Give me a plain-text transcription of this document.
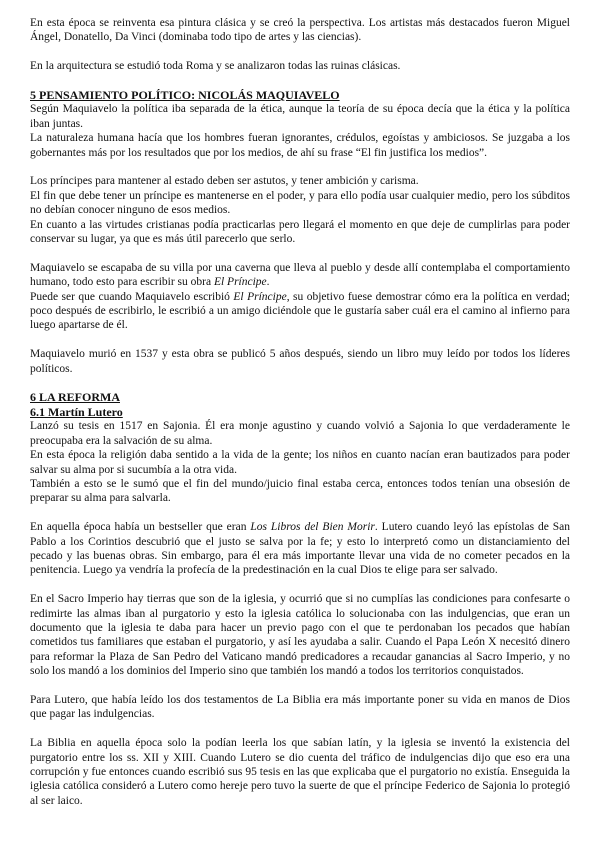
En esta época se reinventa esa pintura clásica y se creó la perspectiva. Los artistas más destacados fueron Miguel Ángel, Donatello, Da Vinci (dominaba todo tipo de artes y las ciencias).

En la arquitectura se estudió toda Roma y se analizaron todas las ruinas clásicas.

5 PENSAMIENTO POLÍTICO: NICOLÁS MAQUIAVELO

Según Maquiavelo la política iba separada de la ética, aunque la teoría de su época decía que la ética y la política iban juntas.

La naturaleza humana hacía que los hombres fueran ignorantes, crédulos, egoístas y ambiciosos. Se juzgaba a los gobernantes más por los resultados que por los medios, de ahí su frase “El fin justifica los medios”.

Los príncipes para mantener al estado deben ser astutos, y tener ambición y carisma.

El fin que debe tener un príncipe es mantenerse en el poder, y para ello podía usar cualquier medio, pero los súbditos no debían conocer ninguno de esos medios.

En cuanto a las virtudes cristianas podía practicarlas pero llegará el momento en que deje de cumplirlas para poder conservar su lugar, ya que es más útil parecerlo que serlo.

Maquiavelo se escapaba de su villa por una caverna que lleva al pueblo y desde allí contemplaba el comportamiento humano, todo esto para escribir su obra El Príncipe.

Puede ser que cuando Maquiavelo escribió El Príncipe, su objetivo fuese demostrar cómo era la política en verdad; poco después de escribirlo, le escribió a un amigo diciéndole que le gustaría saber cuál era el camino al infierno para luego apartarse de él.

Maquiavelo murió en 1537 y esta obra se publicó 5 años después, siendo un libro muy leído por todos los líderes políticos.

6 LA REFORMA
6.1 Martín Lutero

Lanzó su tesis en 1517 en Sajonia. Él era monje agustino y cuando volvió a Sajonia lo que verdaderamente le preocupaba era la salvación de su alma.

En esta época la religión daba sentido a la vida de la gente; los niños en cuanto nacían eran bautizados para poder salvar su alma por si sucumbía a la otra vida.

También a esto se le sumó que el fin del mundo/juicio final estaba cerca, entonces todos tenían una obsesión de preparar su alma para salvarla.

En aquella época había un bestseller que eran Los Libros del Bien Morir. Lutero cuando leyó las epístolas de San Pablo a los Corintios descubrió que el justo se salva por la fe; y esto lo interpretó como un distanciamiento del pecado y las buenas obras. Sin embargo, para él era más importante llevar una vida de no cometer pecados en la penitencia. Luego ya vendría la profecía de la predestinación en la cual Dios te elige para ser salvado.

En el Sacro Imperio hay tierras que son de la iglesia, y ocurrió que si no cumplías las condiciones para confesarte o redimirte las almas iban al purgatorio y esto la iglesia católica lo solucionaba con las indulgencias, que eran un documento que la iglesia te daba para hacer un previo pago con el que te perdonaban los pecados que habían cometidos tus familiares que estaban el purgatorio, y así les ayudaba a salir. Cuando el Papa León X necesitó dinero para reformar la Plaza de San Pedro del Vaticano mandó predicadores a recaudar ganancias al Sacro Imperio, y no solo los mandó a los dominios del Imperio sino que también los mandó a todos los territorios conquistados.

Para Lutero, que había leído los dos testamentos de La Biblia era más importante poner su vida en manos de Dios que pagar las indulgencias.

La Biblia en aquella época solo la podían leerla los que sabían latín, y la iglesia se inventó la existencia del purgatorio entre los ss. XII y XIII. Cuando Lutero se dio cuenta del tráfico de indulgencias dijo que eso era una corrupción y fue entonces cuando escribió sus 95 tesis en las que explicaba que el purgatorio no existía. Enseguida la iglesia católica consideró a Lutero como hereje pero tuvo la suerte de que el príncipe Federico de Sajonia lo protegió al ser laico.
